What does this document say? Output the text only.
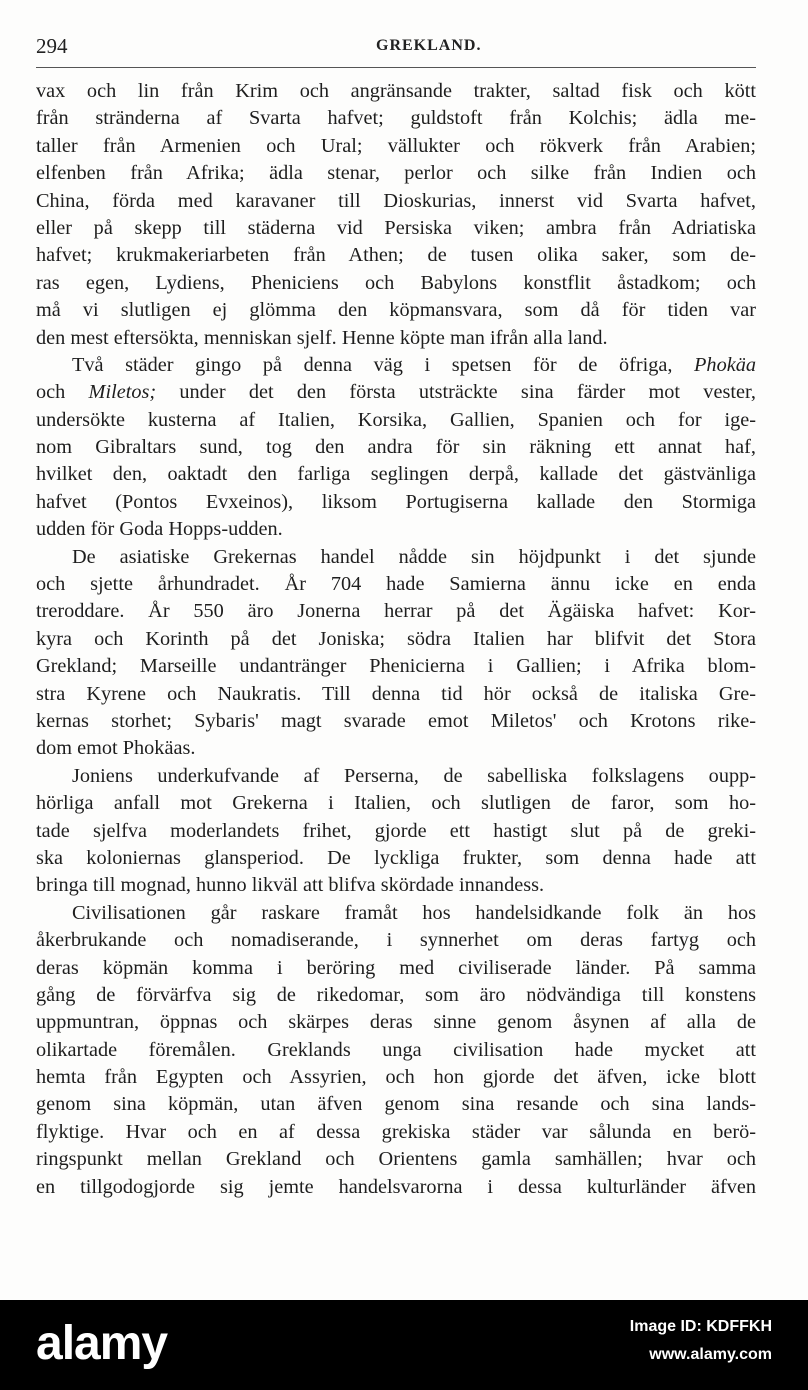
294	GREKLAND.
vax och lin från Krim och angränsande trakter, saltad fisk och kött
från stränderna af Svarta hafvet; guldstoft från Kolchis; ädla me-
taller från Armenien och Ural; vällukter och rökverk från Arabien;
elfenben från Afrika; ädla stenar, perlor och silke från Indien och
China, förda med karavaner till Dioskurias, innerst vid Svarta hafvet,
eller på skepp till städerna vid Persiska viken; ambra från Adriatiska
hafvet; krukmakeriarbeten från Athen; de tusen olika saker, som de-
ras egen, Lydiens, Pheniciens och Babylons konstflit åstadkom; och
må vi slutligen ej glömma den köpmansvara, som då för tiden var
den mest eftersökta, menniskan sjelf. Henne köpte man ifrån alla land.
Två städer gingo på denna väg i spetsen för de öfriga, Phokäa
och Miletos; under det den första utsträckte sina färder mot vester,
undersökte kusterna af Italien, Korsika, Gallien, Spanien och for ige-
nom Gibraltars sund, tog den andra för sin räkning ett annat haf,
hvilket den, oaktadt den farliga seglingen derpå, kallade det gästvänliga
hafvet (Pontos Evxeinos), liksom Portugiserna kallade den Stormiga
udden för Goda Hopps-udden.
De asiatiske Grekernas handel nådde sin höjdpunkt i det sjunde
och sjette århundradet. År 704 hade Samierna ännu icke en enda
treroddare. År 550 äro Jonerna herrar på det Ägäiska hafvet: Kor-
kyra och Korinth på det Joniska; södra Italien har blifvit det Stora
Grekland; Marseille undantränger Phenicierna i Gallien; i Afrika blom-
stra Kyrene och Naukratis. Till denna tid hör också de italiska Gre-
kernas storhet; Sybaris' magt svarade emot Miletos' och Krotons rike-
dom emot Phokäas.
Joniens underkufvande af Perserna, de sabelliska folkslagens oupp-
hörliga anfall mot Grekerna i Italien, och slutligen de faror, som ho-
tade sjelfva moderlandets frihet, gjorde ett hastigt slut på de greki-
ska koloniernas glansperiod. De lyckliga frukter, som denna hade att
bringa till mognad, hunno likväl att blifva skördade innandess.
Civilisationen går raskare framåt hos handelsidkande folk än hos
åkerbrukande och nomadiserande, i synnerhet om deras fartyg och
deras köpmän komma i beröring med civiliserade länder. På samma
gång de förvärfva sig de rikedomar, som äro nödvändiga till konstens
uppmuntran, öppnas och skärpes deras sinne genom åsynen af alla de
olikartade föremålen. Greklands unga civilisation hade mycket att
hemta från Egypten och Assyrien, och hon gjorde det äfven, icke blott
genom sina köpmän, utan äfven genom sina resande och sina lands-
flyktige. Hvar och en af dessa grekiska städer var sålunda en berö-
ringspunkt mellan Grekland och Orientens gamla samhällen; hvar och
en tillgodogjorde sig jemte handelsvarorna i dessa kulturländer äfven
alamy	Image ID: KDFFKH
www.alamy.com
